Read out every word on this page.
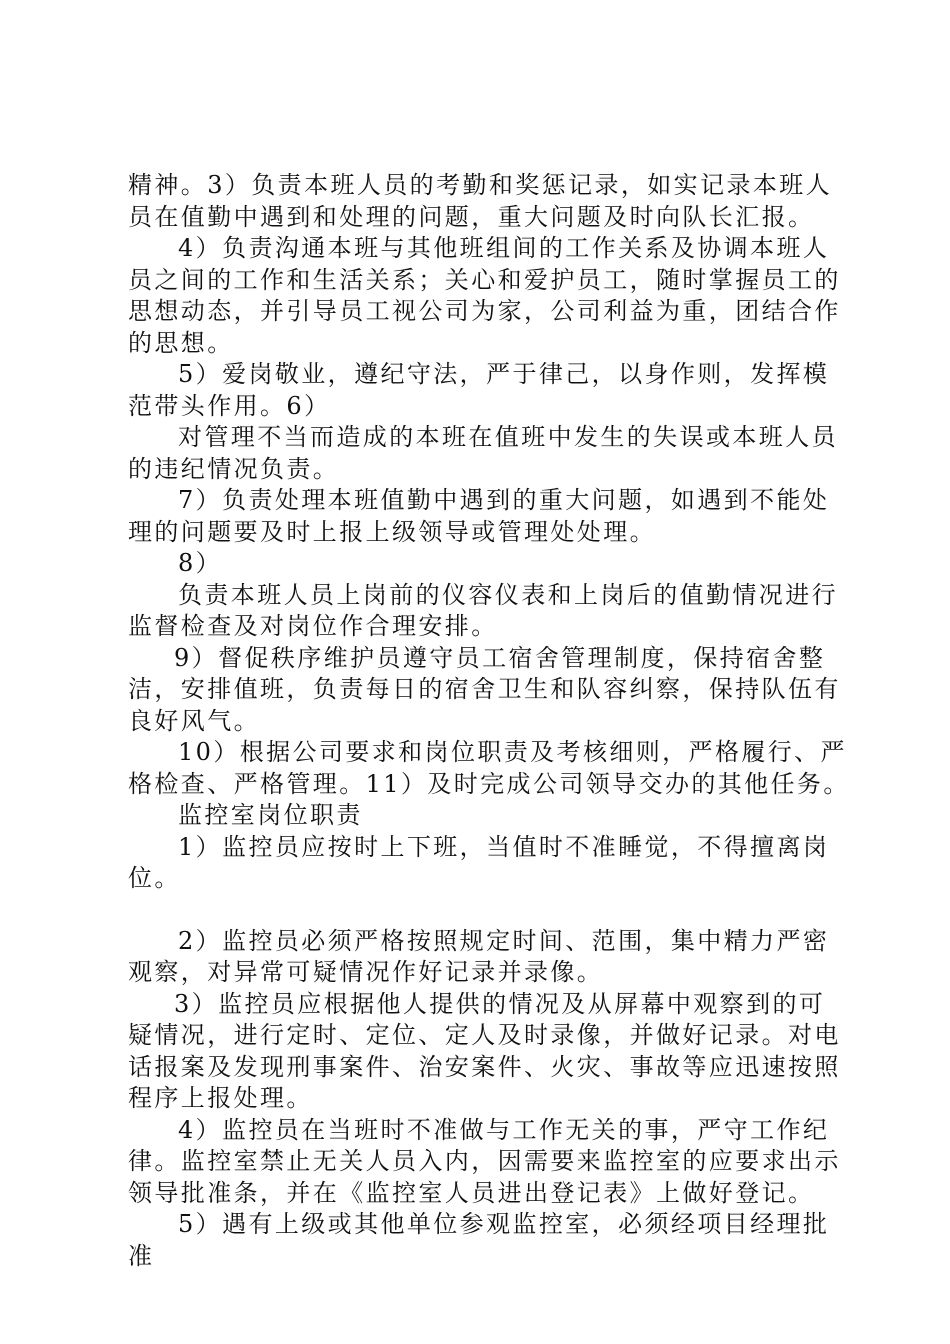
精神。3）负责本班人员的考勤和奖惩记录，如实记录本班人员在值勤中遇到和处理的问题，重大问题及时向队长汇报。

4）负责沟通本班与其他班组间的工作关系及协调本班人员之间的工作和生活关系；关心和爱护员工，随时掌握员工的思想动态，并引导员工视公司为家，公司利益为重，团结合作的思想。

5）爱岗敬业，遵纪守法，严于律己，以身作则，发挥模范带头作用。6）

对管理不当而造成的本班在值班中发生的失误或本班人员的违纪情况负责。

7）负责处理本班值勤中遇到的重大问题，如遇到不能处理的问题要及时上报上级领导或管理处处理。

8）

负责本班人员上岗前的仪容仪表和上岗后的值勤情况进行监督检查及对岗位作合理安排。

9）督促秩序维护员遵守员工宿舍管理制度，保持宿舍整洁，安排值班，负责每日的宿舍卫生和队容纠察，保持队伍有良好风气。

10）根据公司要求和岗位职责及考核细则，严格履行、严格检查、严格管理。11）及时完成公司领导交办的其他任务。

监控室岗位职责

1）监控员应按时上下班，当值时不准睡觉，不得擅离岗位。

2）监控员必须严格按照规定时间、范围，集中精力严密观察，对异常可疑情况作好记录并录像。

3）监控员应根据他人提供的情况及从屏幕中观察到的可疑情况，进行定时、定位、定人及时录像，并做好记录。对电话报案及发现刑事案件、治安案件、火灾、事故等应迅速按照程序上报处理。

4）监控员在当班时不准做与工作无关的事，严守工作纪律。监控室禁止无关人员入内，因需要来监控室的应要求出示领导批准条，并在《监控室人员进出登记表》上做好登记。

5）遇有上级或其他单位参观监控室，必须经项目经理批准
